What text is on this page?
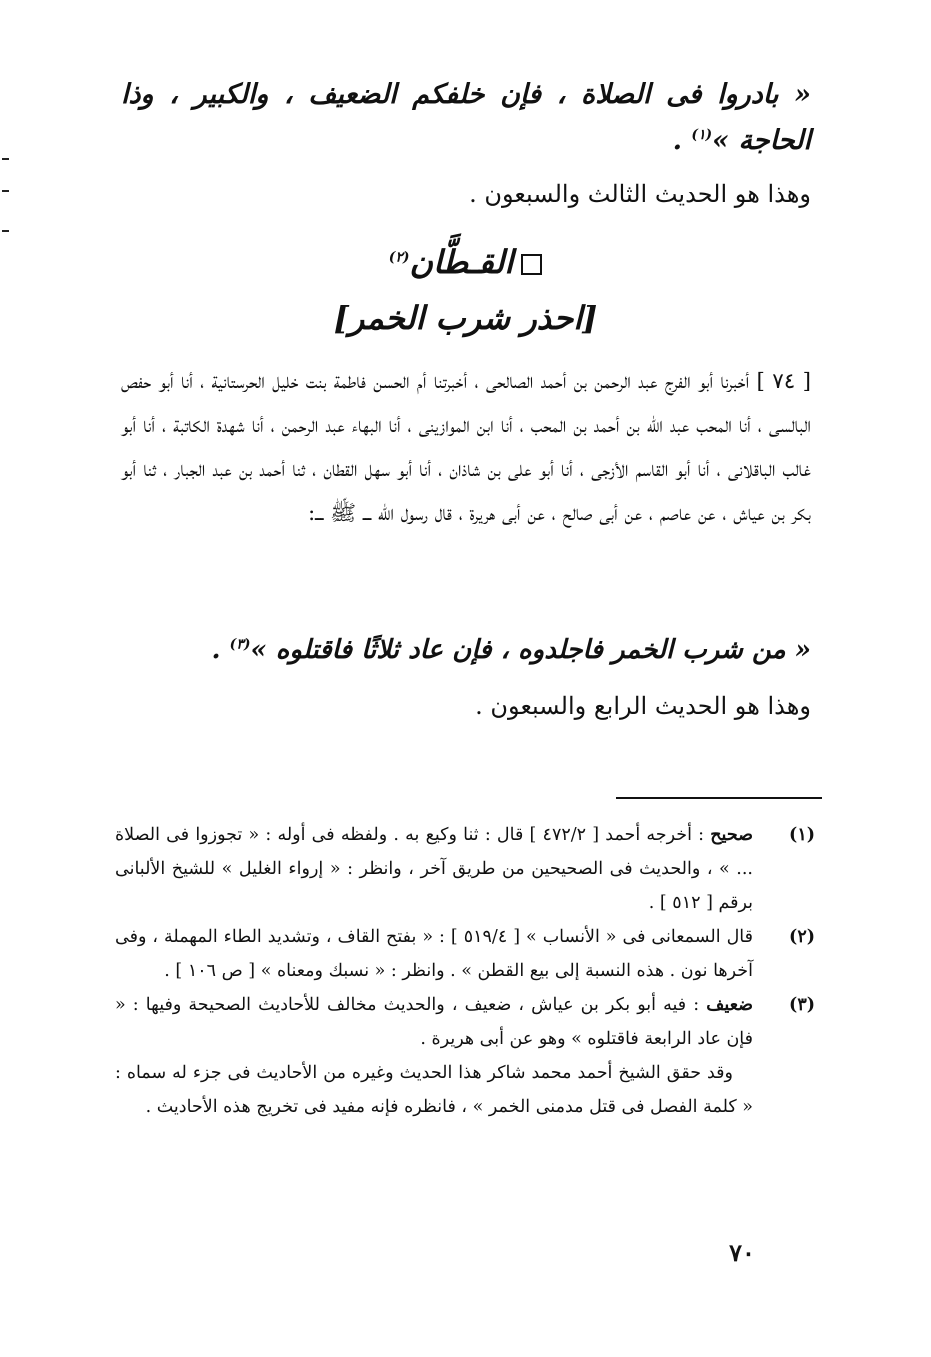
« بادروا فى الصلاة ، فإن خلفكم الضعيف ، والكبير ، وذا الحاجة »$^{(١)}$ .
وهذا هو الحديث الثالث والسبعون .
القـطَّان$^{(٢)}$
[احذر شرب الخمر]
[ ٧٤ ] أخبرنا أبو الفرج عبد الرحمن بن أحمد الصالحى ، أخبرتنا أم الحسن فاطمة بنت خليل الحرستانية ، أنا أبو حفص البالسى ، أنا المحب عبد الله بن أحمد بن المحب ، أنا ابن الموازينى ، أنا البهاء عبد الرحمن ، أنا شهدة الكاتبة ، أنا أبو غالب الباقلانى ، أنا أبو القاسم الأزجى ، أنا أبو على بن شاذان ، أنا أبو سهل القطان ، ثنا أحمد بن عبد الجبار ، ثنا أبو بكر بن عياش ، عن عاصم ، عن أبى صالح ، عن أبى هريرة ، قال رسول الله ـــ ﷺ ـــ:
« من شرب الخمر فاجلدوه ، فإن عاد ثلاثًا فاقتلوه »$^{(٣)}$ .
وهذا هو الحديث الرابع والسبعون .
(١)
صحيح : أخرجه أحمد [ ٤٧٢/٢ ] قال : ثنا وكيع به . ولفظه فى أوله : « تجوزوا فى الصلاة ... » ، والحديث فى الصحيحين من طريق آخر ، وانظر : « إرواء الغليل » للشيخ الألبانى برقم [ ٥١٢ ] .
(٢)
قال السمعانى فى « الأنساب » [ ٥١٩/٤ ] : « بفتح القاف ، وتشديد الطاء المهملة ، وفى آخرها نون . هذه النسبة إلى بيع القطن » . وانظر : « نسبك ومعناه » [ ص ١٠٦ ] .
(٣)
ضعيف : فيه أبو بكر بن عياش ، ضعيف ، والحديث مخالف للأحاديث الصحيحة وفيها : « فإن عاد الرابعة فاقتلوه » وهو عن أبى هريرة .
وقد حقق الشيخ أحمد محمد شاكر هذا الحديث وغيره من الأحاديث فى جزء له سماه : « كلمة الفصل فى قتل مدمنى الخمر » ، فانظره فإنه مفيد فى تخريج هذه الأحاديث .
٧٠
